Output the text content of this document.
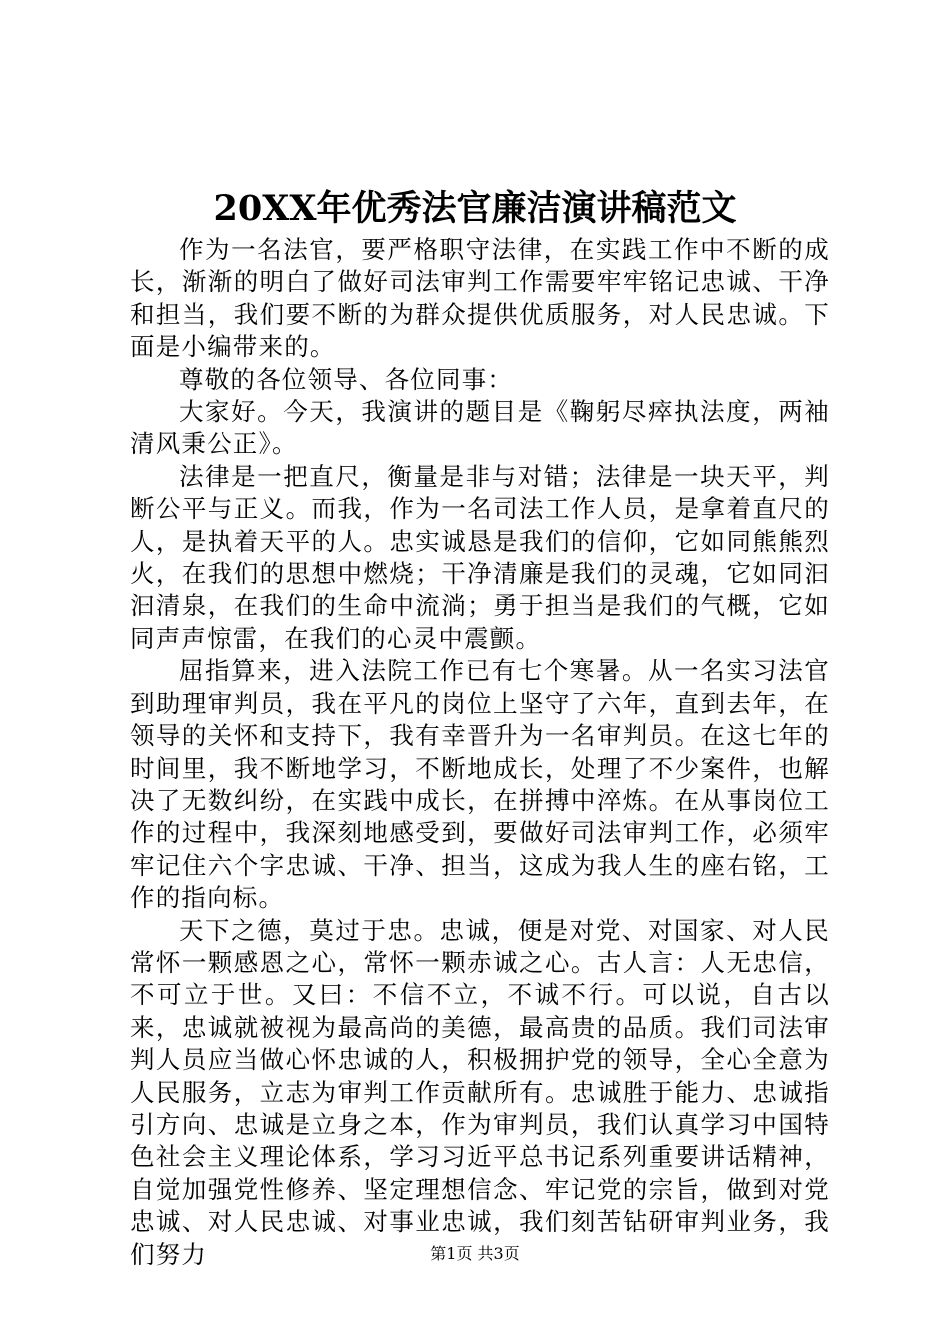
20XX年优秀法官廉洁演讲稿范文

作为一名法官，要严格职守法律，在实践工作中不断的成长，渐渐的明白了做好司法审判工作需要牢牢铭记忠诚、干净和担当，我们要不断的为群众提供优质服务，对人民忠诚。下面是小编带来的。

尊敬的各位领导、各位同事：

大家好。今天，我演讲的题目是《鞠躬尽瘁执法度，两袖清风秉公正》。

法律是一把直尺，衡量是非与对错；法律是一块天平，判断公平与正义。而我，作为一名司法工作人员，是拿着直尺的人，是执着天平的人。忠实诚恳是我们的信仰，它如同熊熊烈火，在我们的思想中燃烧；干净清廉是我们的灵魂，它如同汩汩清泉，在我们的生命中流淌；勇于担当是我们的气概，它如同声声惊雷，在我们的心灵中震颤。

屈指算来，进入法院工作已有七个寒暑。从一名实习法官到助理审判员，我在平凡的岗位上坚守了六年，直到去年，在领导的关怀和支持下，我有幸晋升为一名审判员。在这七年的时间里，我不断地学习，不断地成长，处理了不少案件，也解决了无数纠纷，在实践中成长，在拼搏中淬炼。在从事岗位工作的过程中，我深刻地感受到，要做好司法审判工作，必须牢牢记住六个字忠诚、干净、担当，这成为我人生的座右铭，工作的指向标。

天下之德，莫过于忠。忠诚，便是对党、对国家、对人民常怀一颗感恩之心，常怀一颗赤诚之心。古人言：人无忠信，不可立于世。又曰：不信不立，不诚不行。可以说，自古以来，忠诚就被视为最高尚的美德，最高贵的品质。我们司法审判人员应当做心怀忠诚的人，积极拥护党的领导，全心全意为人民服务，立志为审判工作贡献所有。忠诚胜于能力、忠诚指引方向、忠诚是立身之本，作为审判员，我们认真学习中国特色社会主义理论体系，学习习近平总书记系列重要讲话精神，自觉加强党性修养、坚定理想信念、牢记党的宗旨，做到对党忠诚、对人民忠诚、对事业忠诚，我们刻苦钻研审判业务，我们努力	第1页 共3页
